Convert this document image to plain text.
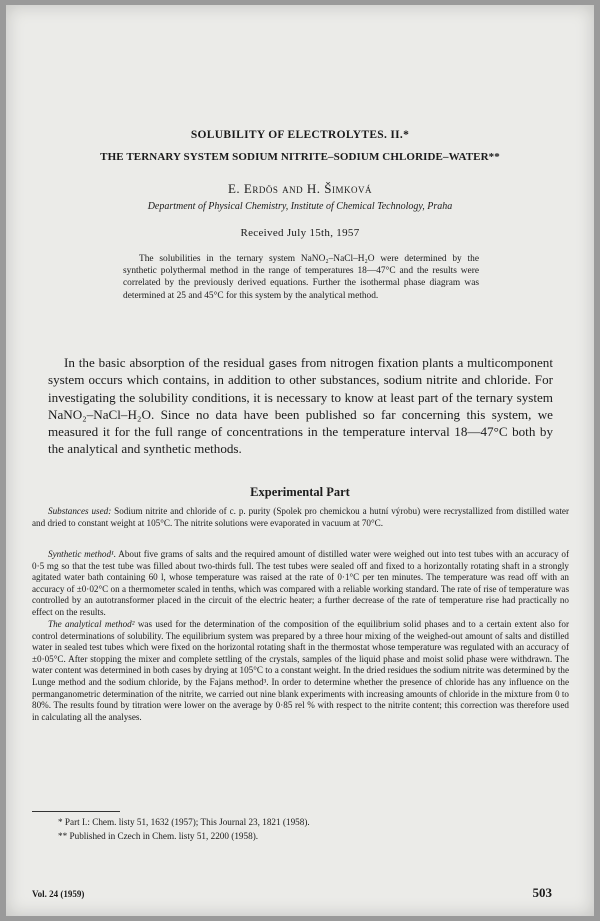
SOLUBILITY OF ELECTROLYTES. II.*
THE TERNARY SYSTEM SODIUM NITRITE–SODIUM CHLORIDE–WATER**
E. Erdös and H. Šimková
Department of Physical Chemistry, Institute of Chemical Technology, Praha
Received July 15th, 1957

The solubilities in the ternary system NaNO₂–NaCl–H₂O were determined by the synthetic polythermal method in the range of temperatures 18—47°C and the results were correlated by the previously derived equations. Further the isothermal phase diagram was determined at 25 and 45°C for this system by the analytical method.

In the basic absorption of the residual gases from nitrogen fixation plants a multicomponent system occurs which contains, in addition to other substances, sodium nitrite and chloride. For investigating the solubility conditions, it is necessary to know at least part of the ternary system NaNO₂–NaCl–H₂O. Since no data have been published so far concerning this system, we measured it for the full range of concentrations in the temperature interval 18—47°C both by the analytical and synthetic methods.

Experimental Part

Substances used: Sodium nitrite and chloride of c. p. purity (Spolek pro chemickou a hutní výrobu) were recrystallized from distilled water and dried to constant weight at 105°C. The nitrite solutions were evaporated in vacuum at 70°C.

Synthetic method¹. About five grams of salts and the required amount of distilled water were weighed out into test tubes with an accuracy of 0·5 mg so that the test tube was filled about two-thirds full. The test tubes were sealed off and fixed to a horizontally rotating shaft in a strongly agitated water bath containing 60 l, whose temperature was raised at the rate of 0·1°C per ten minutes. The temperature was read off with an accuracy of ±0·02°C on a thermometer scaled in tenths, which was compared with a reliable working standard. The rate of rise of temperature was controlled by an autotransformer placed in the circuit of the electric heater; a further decrease of the rate of temperature rise had practically no effect on the results.

The analytical method² was used for the determination of the composition of the equilibrium solid phases and to a certain extent also for control determinations of solubility. The equilibrium system was prepared by a three hour mixing of the weighed-out amount of salts and distilled water in sealed test tubes which were fixed on the horizontal rotating shaft in the thermostat whose temperature was regulated with an accuracy of ±0·05°C. After stopping the mixer and complete settling of the crystals, samples of the liquid phase and moist solid phase were withdrawn. The water content was determined in both cases by drying at 105°C to a constant weight. In the dried residues the sodium nitrite was determined by the Lunge method and the sodium chloride, by the Fajans method³. In order to determine whether the presence of chloride has any influence on the permanganometric determination of the nitrite, we carried out nine blank experiments with increasing amounts of chloride in the mixture from 0 to 80%. The results found by titration were lower on the average by 0·85 rel % with respect to the nitrite content; this correction was therefore used in calculating all the analyses.

* Part I.: Chem. listy 51, 1632 (1957); This Journal 23, 1821 (1958).
** Published in Czech in Chem. listy 51, 2200 (1958).
Vol. 24 (1959)	503
